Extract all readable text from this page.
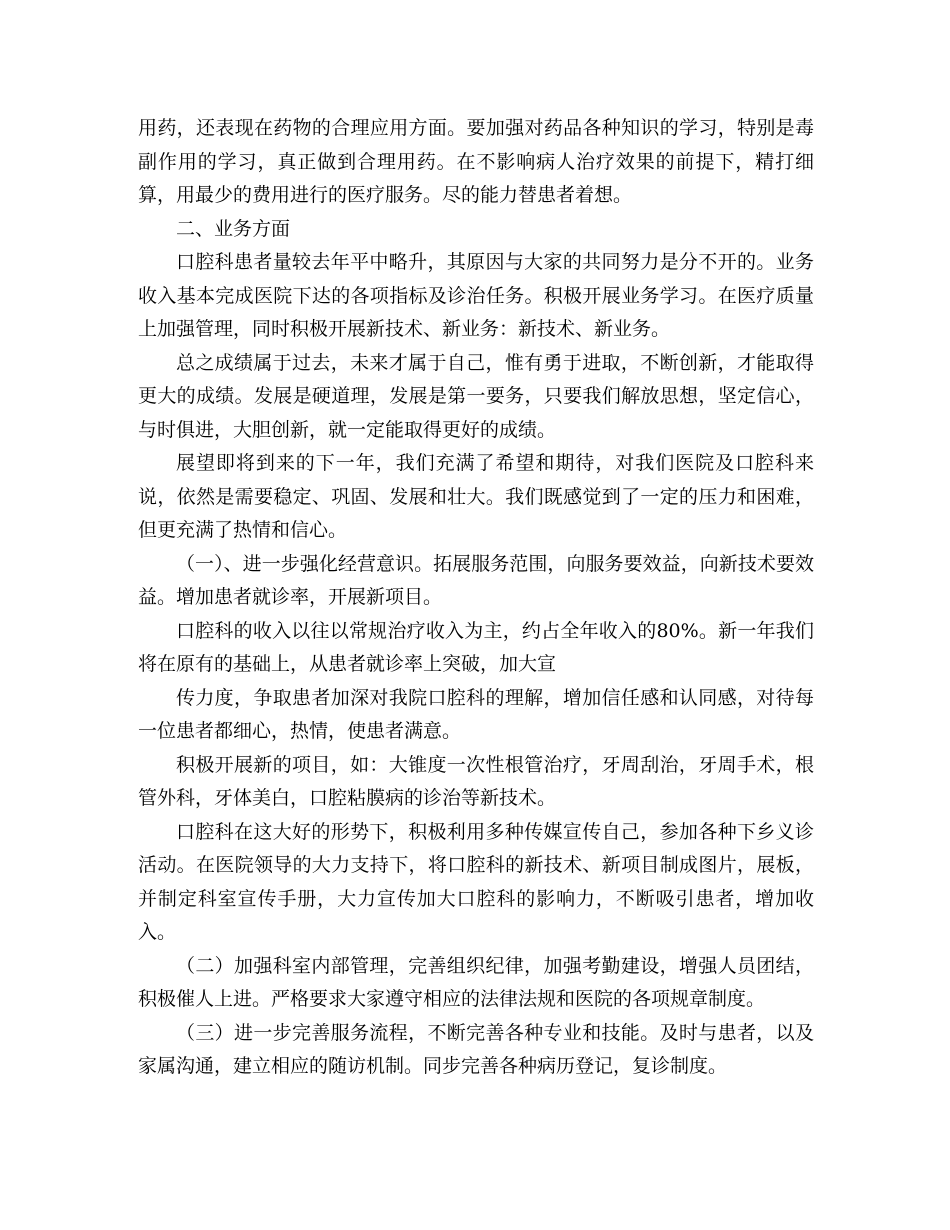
用药，还表现在药物的合理应用方面。要加强对药品各种知识的学习，特别是毒副作用的学习，真正做到合理用药。在不影响病人治疗效果的前提下，精打细算，用最少的费用进行的医疗服务。尽的能力替患者着想。

二、业务方面

口腔科患者量较去年平中略升，其原因与大家的共同努力是分不开的。业务收入基本完成医院下达的各项指标及诊治任务。积极开展业务学习。在医疗质量上加强管理，同时积极开展新技术、新业务：新技术、新业务。

总之成绩属于过去，未来才属于自己，惟有勇于进取，不断创新，才能取得更大的成绩。发展是硬道理，发展是第一要务，只要我们解放思想，坚定信心，与时俱进，大胆创新，就一定能取得更好的成绩。

展望即将到来的下一年，我们充满了希望和期待，对我们医院及口腔科来说，依然是需要稳定、巩固、发展和壮大。我们既感觉到了一定的压力和困难，但更充满了热情和信心。

（一）、进一步强化经营意识。拓展服务范围，向服务要效益，向新技术要效益。增加患者就诊率，开展新项目。

口腔科的收入以往以常规治疗收入为主，约占全年收入的80%。新一年我们将在原有的基础上，从患者就诊率上突破，加大宣

传力度，争取患者加深对我院口腔科的理解，增加信任感和认同感，对待每一位患者都细心，热情，使患者满意。

积极开展新的项目，如：大锥度一次性根管治疗，牙周刮治，牙周手术，根管外科，牙体美白，口腔粘膜病的诊治等新技术。

口腔科在这大好的形势下，积极利用多种传媒宣传自己，参加各种下乡义诊活动。在医院领导的大力支持下，将口腔科的新技术、新项目制成图片，展板，并制定科室宣传手册，大力宣传加大口腔科的影响力，不断吸引患者，增加收入。

（二）加强科室内部管理，完善组织纪律，加强考勤建设，增强人员团结，积极催人上进。严格要求大家遵守相应的法律法规和医院的各项规章制度。

（三）进一步完善服务流程，不断完善各种专业和技能。及时与患者，以及家属沟通，建立相应的随访机制。同步完善各种病历登记，复诊制度。
